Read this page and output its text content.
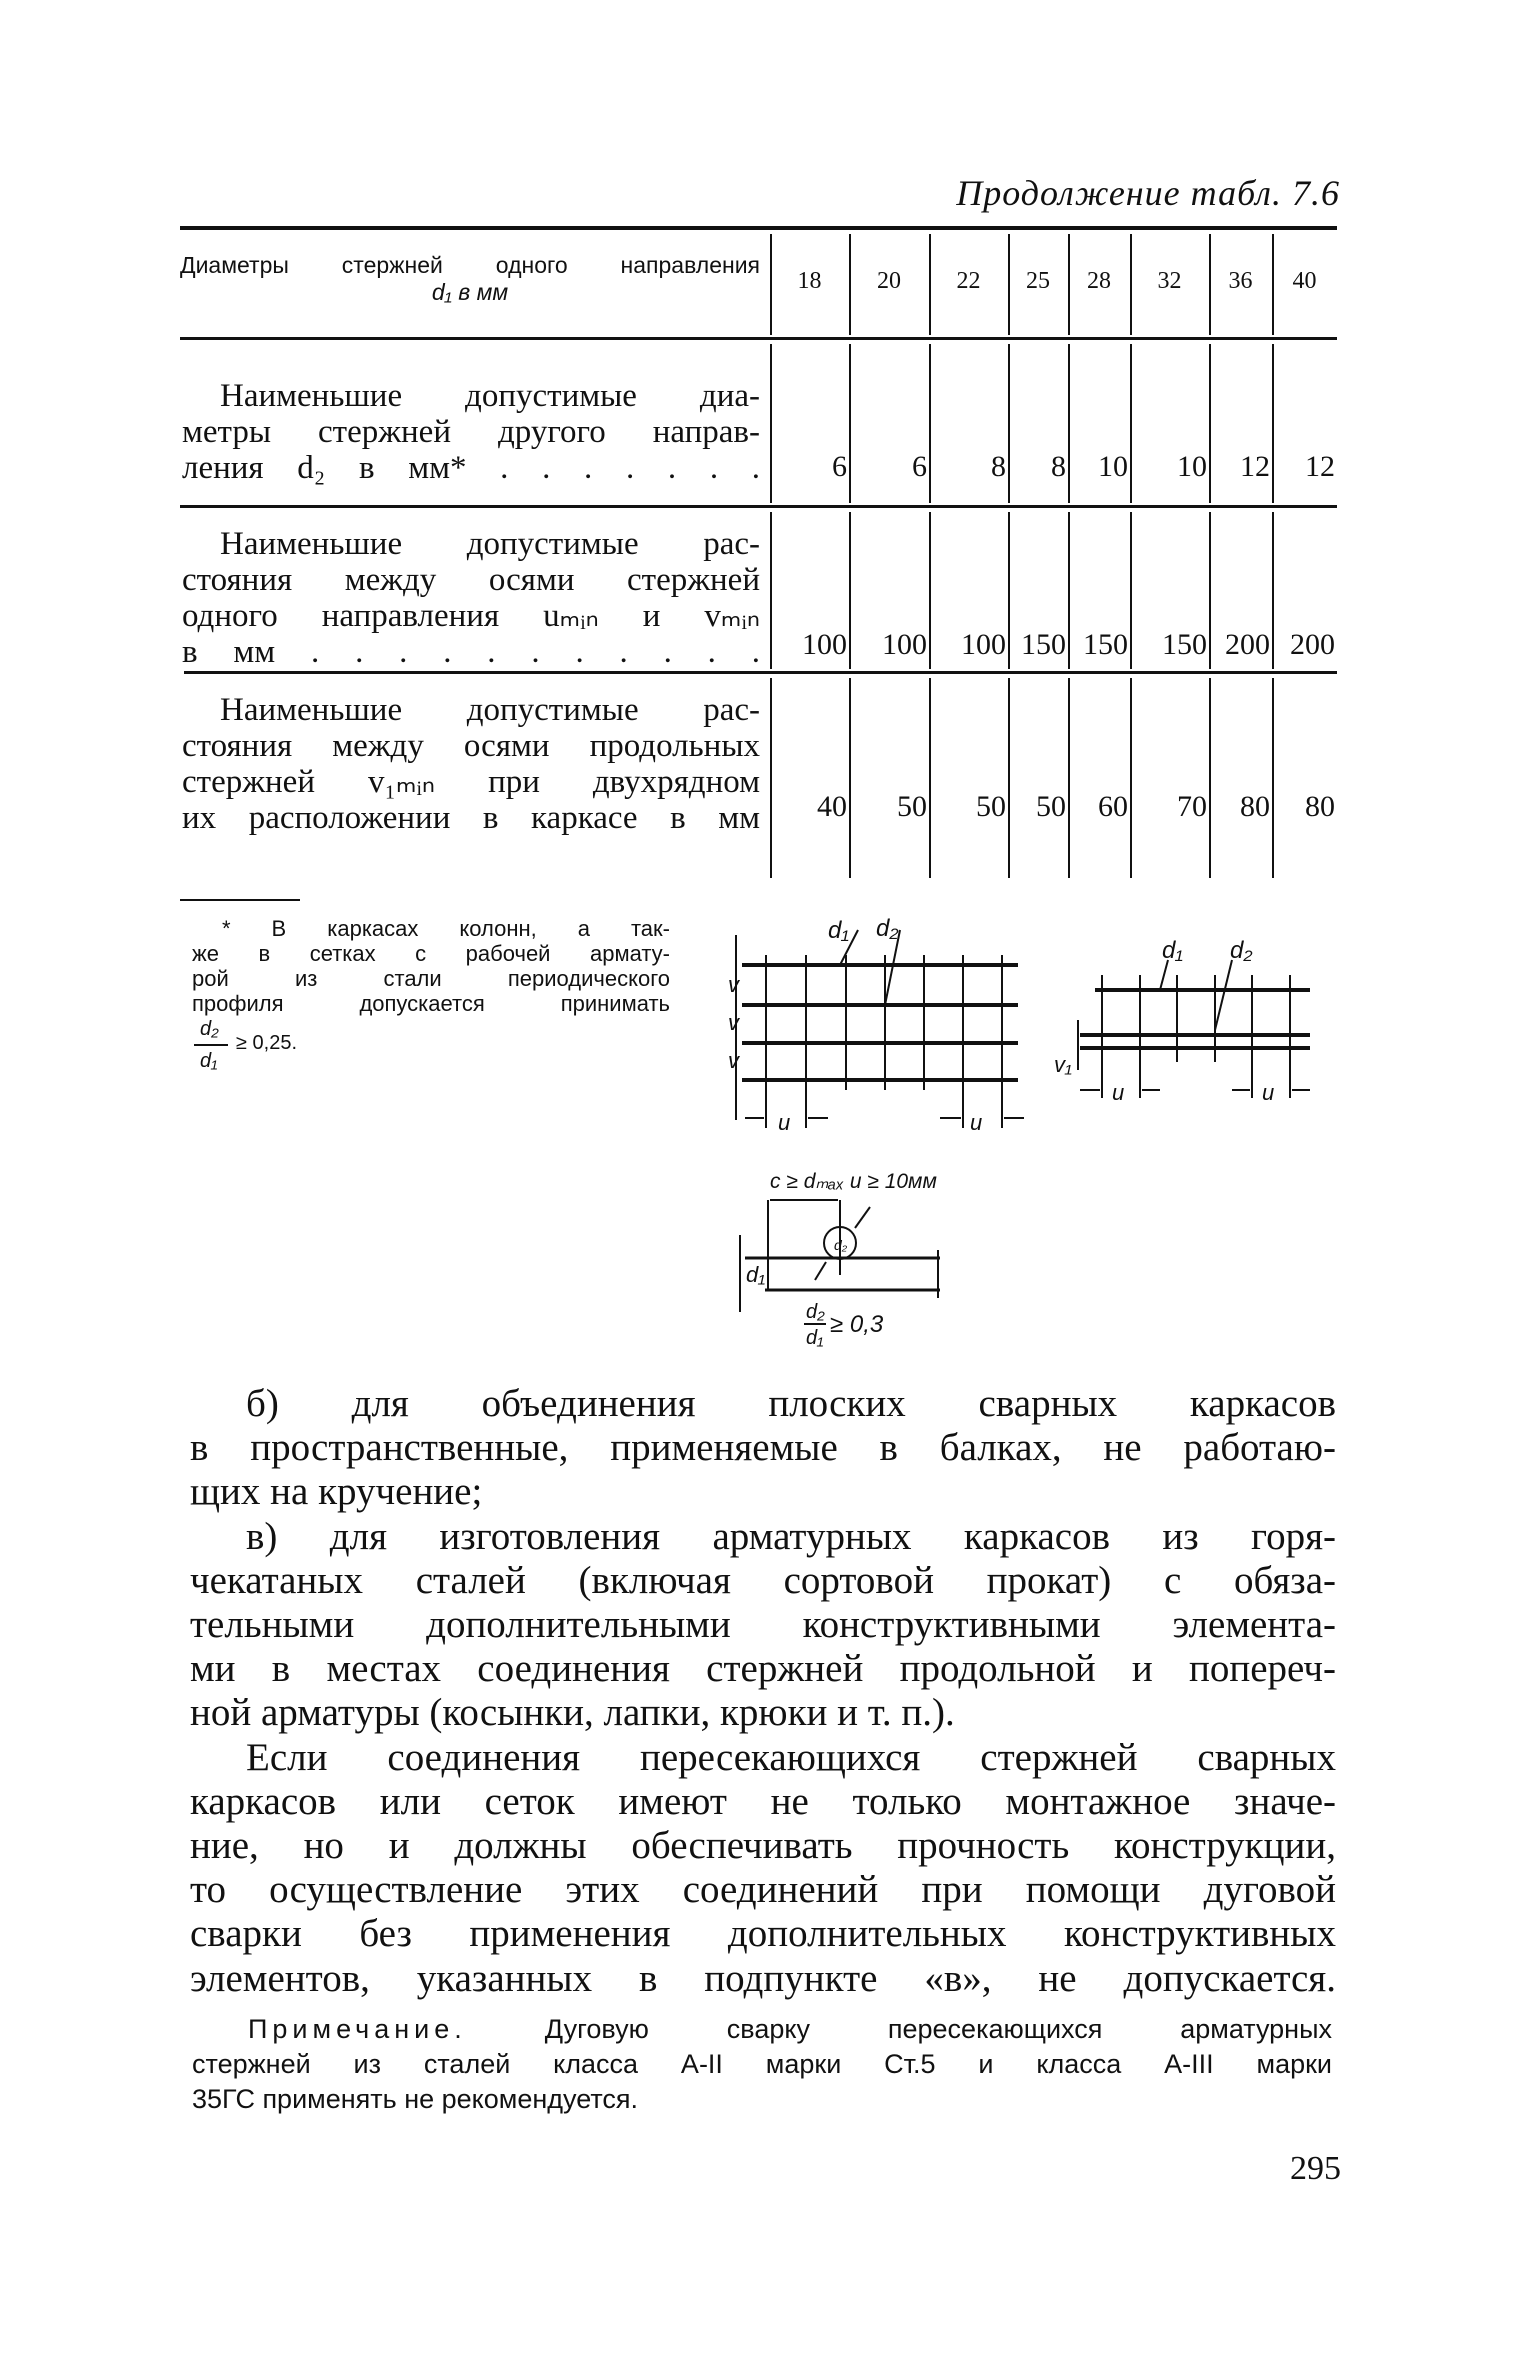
Продолжение табл. 7.6
Диаметры стержней одного направления
d₁ в мм	18	20	22	25	28	32	36	40
Наименьшие допустимые диа-
метры стержней другого направ-
ления d₂ в мм* . . . . . . .	6	6	8	8	10	10	12	12
Наименьшие допустимые рас-
стояния между осями стержней
одного направления uₘᵢₙ и vₘᵢₙ
в мм . . . . . . . . . . .	100	100	100 150 150	150 200 200
Наименьшие допустимые рас-
стояния между осями продольных
стержней v₁ₘᵢₙ при двухрядном
их расположении в каркасе в мм	40	50	50	50	60	70	80	80
* В каркасах колонн, а так-
же в сетках с рабочей армату-
рой из стали периодического
профиля допускается принимать
d₂
d₁
≥ 0,25.
d₁ d₂
v
v
v
u	u
d₁ d₂
v₁
u	u
c ≥ dₘₐₓ и ≥ 10мм
d₂
d₁
d₂
d₁ ≥ 0,3
б) для объединения плоских сварных каркасов
в пространственные, применяемые в балках, не работаю-
щих на кручение;
в) для изготовления арматурных каркасов из горя-
чекатаных сталей (включая сортовой прокат) с обяза-
тельными дополнительными конструктивными элемента-
ми в местах соединения стержней продольной и попереч-
ной арматуры (косынки, лапки, крюки и т. п.).
Если соединения пересекающихся стержней сварных
каркасов или сеток имеют не только монтажное значе-
ние, но и должны обеспечивать прочность конструкции,
то осуществление этих соединений при помощи дуговой
сварки без применения дополнительных конструктивных
элементов, указанных в подпункте «в», не допускается.
Примечание.	Дуговую сварку пересекающихся арматурных
стержней из сталей класса А-II марки Ст.5 и класса А-III марки
35ГС применять не рекомендуется.
295
